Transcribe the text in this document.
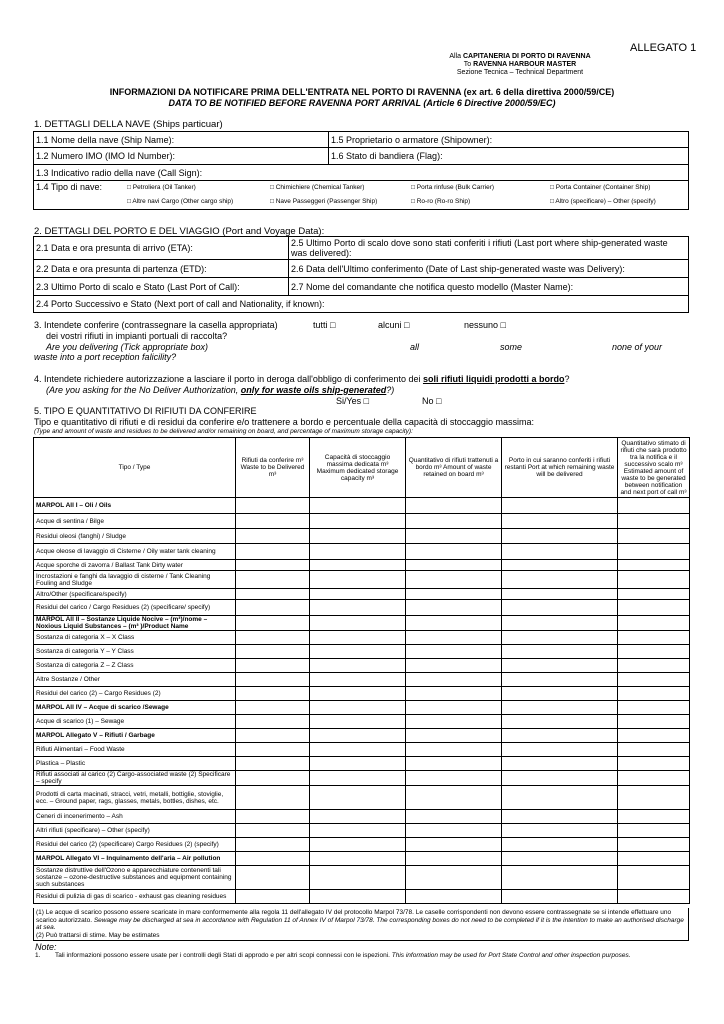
ALLEGATO 1
Alla CAPITANERIA DI PORTO DI RAVENNA
To RAVENNA HARBOUR MASTER
Sezione Tecnica – Technical Department
INFORMAZIONI DA NOTIFICARE PRIMA DELL'ENTRATA NEL PORTO DI RAVENNA (ex art. 6 della direttiva 2000/59/CE)
DATA TO BE NOTIFIED BEFORE RAVENNA PORT ARRIVAL (Article 6 Directive 2000/59/EC)
1. DETTAGLI DELLA NAVE (Ships particuar)
1.1 Nome della nave (Ship Name):	1.5 Proprietario o armatore (Shipowner):
1.2 Numero IMO (IMO Id Number):	1.6 Stato di bandiera (Flag):
1.3 Indicativo radio della nave (Call Sign):	
1.4 Tipo di nave:		□ Petroliera (Oil Tanker)	□ Chimichiere (Chemical Tanker)	□ Porta rinfuse (Bulk Carrier)	□ Porta Container (Container Ship)
□ Altre navi Cargo (Other cargo ship)	□ Nave Passeggeri (Passenger Ship)	□ Ro-ro (Ro-ro Ship)	□ Altro (specificare) – Other (specify)
2. DETTAGLI DEL PORTO E DEL VIAGGIO (Port and Voyage Data):
2.1 Data e ora presunta di arrivo (ETA):	2.5 Ultimo Porto di scalo dove sono stati conferiti i rifiuti (Last port where ship-generated waste was delivered):
2.2 Data e ora presunta di partenza (ETD):	2.6 Data dell'Ultimo conferimento (Date of Last ship-generated waste was Delivery):
2.3 Ultimo Porto di scalo e Stato (Last Port of Call):	2.7 Nome del comandante che notifica questo modello (Master Name):
2.4 Porto Successivo e Stato (Next port of call and Nationality, if known):	
3. Intendete conferire (contrassegnare la casella appropriata)	tutti □	alcuni □	nessuno □
dei vostri rifiuti in impianti portuali di raccolta?
Are you delivering (Tick appropriate box)	all	some	none of your
waste into a port reception falicility?
4. Intendete richiedere autorizzazione a lasciare il porto in deroga dall'obbligo di conferimento dei soli rifiuti liquidi prodotti a bordo?
(Are you asking for the No Deliver Authorization, only for waste oils ship-generated?)
Si/Yes □	No □
5. TIPO E QUANTITATIVO DI RIFIUTI DA CONFERIRE
Tipo e quantitativo di rifiuti e di residui da conferire e/o trattenere a bordo e percentuale della capacità di stoccaggio massima:
(Type and amount of waste and residues to be delivered and/or remaining on board, and percentage of maximum storage capacity):
Tipo / Type	Rifiuti da conferire m³ Waste to be Delivered m³	Capacità di stoccaggio massima dedicata m³ Maximum dedicated storage capacity m³	Quantitativo di rifiuti trattenuti a bordo m³ Amount of waste retained on board m³	Porto in cui saranno conferiti i rifiuti restanti Port at which remaining waste will be delivered	Quantitativo stimato di rifiuti che sarà prodotto tra la notifica e il successivo scalo m³ Estimated amount of waste to be generated between notification and next port of call m³
MARPOL All I – Oli / Oils					
Acque di sentina / Bilge					
Residui oleosi (fanghi) / Sludge					
Acque oleose di lavaggio di Cisterne / Oily water tank cleaning					
Acque sporche di zavorra / Ballast Tank Dirty water					
Incrostazioni e fanghi da lavaggio di cisterne / Tank Cleaning Fouling and Sludge					
Altro/Other (specificare/specify)					
Residui del carico / Cargo Residues (2) (specificare/ specify)					
MARPOL All II – Sostanze Liquide Nocive – (m³)/nome – Noxious Liquid Substances – (m³ )/Product Name					
Sostanza di categoria X – X Class					
Sostanza di categoria Y – Y Class					
Sostanza di categoria Z – Z Class					
Altre Sostanze / Other					
Residui del carico (2) – Cargo Residues (2)					
MARPOL All IV – Acque di scarico /Sewage					
Acque di scarico (1) – Sewage					
MARPOL Allegato V – Rifiuti / Garbage					
Rifiuti Alimentari – Food Waste					
Plastica – Plastic					
Rifiuti associati al carico (2) Cargo-associated waste (2) Specificare – specify					
Prodotti di carta macinati, stracci, vetri, metalli, bottiglie, stoviglie, ecc. – Ground paper, rags, glasses, metals, bottles, dishes, etc.					
Ceneri di incenerimento – Ash					
Altri rifiuti (specificare) – Other (specify)					
Residui del carico (2) (specificare) Cargo Residues (2) (specify)					
MARPOL Allegato VI – Inquinamento dell'aria – Air pollution					
Sostanze distruttive dell'Ozono e apparecchiature contenenti tali sostanze – ozone-destructive substances and equipment containing such substances					
Residui di pulizia di gas di scarico - exhaust gas cleaning residues					
(1) Le acque di scarico possono essere scaricate in mare conformemente alla regola 11 dell'allegato IV del protocollo Marpol 73/78. Le caselle corrispondenti non devono essere contrassegnate se si intende effettuare uno scarico autorizzato. Sewage may be discharged at sea in accordance with Regulation 11 of Annex IV of Marpol 73/78. The corresponding boxes do not need to be completed if it is the intention to make an authorised discharge at sea.
(2) Può trattarsi di stime. May be estimates
Note:
1. Tali informazioni possono essere usate per i controlli degli Stati di approdo e per altri scopi connessi con le ispezioni. This information may be used for Port State Control and other inspection purposes.
